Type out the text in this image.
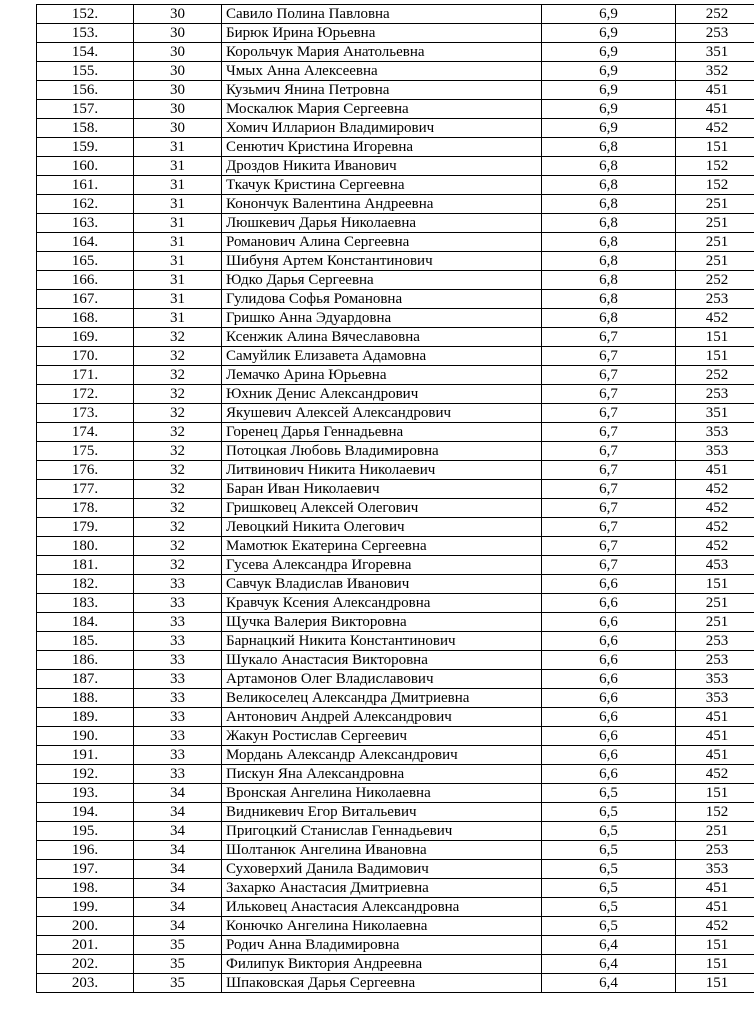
152.	30	Савило Полина Павловна	6,9	252
153.	30	Бирюк Ирина Юрьевна	6,9	253
154.	30	Корольчук Мария Анатольевна	6,9	351
155.	30	Чмых Анна Алексеевна	6,9	352
156.	30	Кузьмич Янина Петровна	6,9	451
157.	30	Москалюк Мария Сергеевна	6,9	451
158.	30	Хомич Илларион Владимирович	6,9	452
159.	31	Сенютич Кристина Игоревна	6,8	151
160.	31	Дроздов Никита Иванович	6,8	152
161.	31	Ткачук Кристина Сергеевна	6,8	152
162.	31	Конончук Валентина Андреевна	6,8	251
163.	31	Люшкевич Дарья Николаевна	6,8	251
164.	31	Романович Алина Сергеевна	6,8	251
165.	31	Шибуня Артем Константинович	6,8	251
166.	31	Юдко Дарья Сергеевна	6,8	252
167.	31	Гулидова Софья Романовна	6,8	253
168.	31	Гришко Анна Эдуардовна	6,8	452
169.	32	Ксенжик Алина Вячеславовна	6,7	151
170.	32	Самуйлик Елизавета Адамовна	6,7	151
171.	32	Лемачко Арина Юрьевна	6,7	252
172.	32	Юхник Денис Александрович	6,7	253
173.	32	Якушевич Алексей Александрович	6,7	351
174.	32	Горенец Дарья Геннадьевна	6,7	353
175.	32	Потоцкая Любовь Владимировна	6,7	353
176.	32	Литвинович Никита Николаевич	6,7	451
177.	32	Баран Иван Николаевич	6,7	452
178.	32	Гришковец Алексей Олегович	6,7	452
179.	32	Левоцкий Никита Олегович	6,7	452
180.	32	Мамотюк Екатерина Сергеевна	6,7	452
181.	32	Гусева Александра Игоревна	6,7	453
182.	33	Савчук Владислав Иванович	6,6	151
183.	33	Кравчук Ксения Александровна	6,6	251
184.	33	Щучка Валерия Викторовна	6,6	251
185.	33	Барнацкий Никита Константинович	6,6	253
186.	33	Шукало Анастасия Викторовна	6,6	253
187.	33	Артамонов Олег Владиславович	6,6	353
188.	33	Великоселец Александра Дмитриевна	6,6	353
189.	33	Антонович Андрей Александрович	6,6	451
190.	33	Жакун Ростислав Сергеевич	6,6	451
191.	33	Мордань Александр Александрович	6,6	451
192.	33	Пискун Яна Александровна	6,6	452
193.	34	Вронская Ангелина Николаевна	6,5	151
194.	34	Видникевич Егор Витальевич	6,5	152
195.	34	Пригоцкий Станислав Геннадьевич	6,5	251
196.	34	Шолтанюк Ангелина Ивановна	6,5	253
197.	34	Суховерхий Данила Вадимович	6,5	353
198.	34	Захарко Анастасия Дмитриевна	6,5	451
199.	34	Ильковец Анастасия Александровна	6,5	451
200.	34	Конючко Ангелина Николаевна	6,5	452
201.	35	Родич Анна Владимировна	6,4	151
202.	35	Филипук Виктория Андреевна	6,4	151
203.	35	Шпаковская Дарья Сергеевна	6,4	151
